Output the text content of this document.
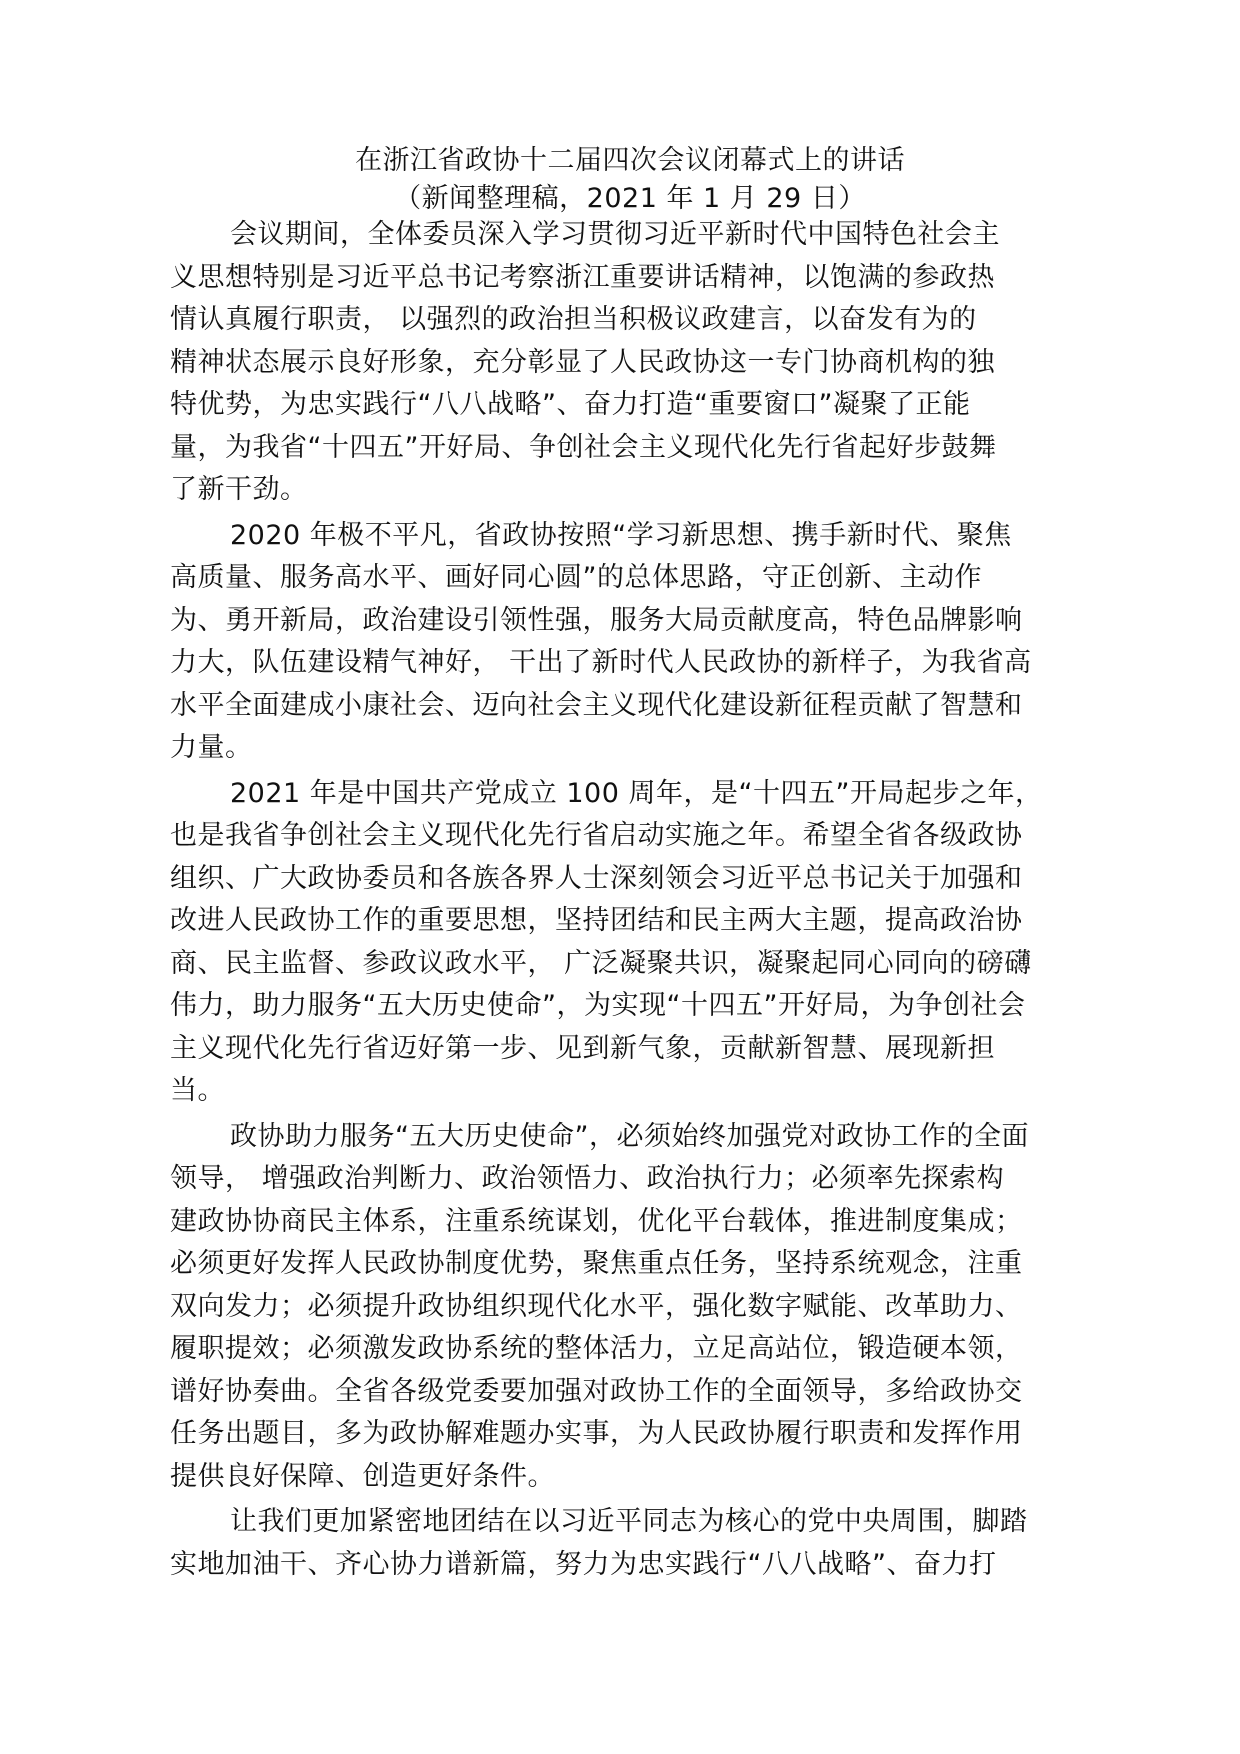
在浙江省政协十二届四次会议闭幕式上的讲话
（新闻整理稿，2021 年 1 月 29 日）
会议期间，全体委员深入学习贯彻习近平新时代中国特色社会主
义思想特别是习近平总书记考察浙江重要讲话精神，以饱满的参政热
情认真履行职责， 以强烈的政治担当积极议政建言，以奋发有为的
精神状态展示良好形象，充分彰显了人民政协这一专门协商机构的独
特优势，为忠实践行“八八战略”、奋力打造“重要窗口”凝聚了正能
量，为我省“十四五”开好局、争创社会主义现代化先行省起好步鼓舞
了新干劲。
2020 年极不平凡，省政协按照“学习新思想、携手新时代、聚焦
高质量、服务高水平、画好同心圆”的总体思路，守正创新、主动作
为、勇开新局，政治建设引领性强，服务大局贡献度高，特色品牌影响
力大，队伍建设精气神好， 干出了新时代人民政协的新样子，为我省高
水平全面建成小康社会、迈向社会主义现代化建设新征程贡献了智慧和
力量。
2021 年是中国共产党成立 100 周年，是“十四五”开局起步之年，
也是我省争创社会主义现代化先行省启动实施之年。希望全省各级政协
组织、广大政协委员和各族各界人士深刻领会习近平总书记关于加强和
改进人民政协工作的重要思想，坚持团结和民主两大主题，提高政治协
商、民主监督、参政议政水平， 广泛凝聚共识，凝聚起同心同向的磅礴
伟力，助力服务“五大历史使命”，为实现“十四五”开好局，为争创社会
主义现代化先行省迈好第一步、见到新气象，贡献新智慧、展现新担
当。
政协助力服务“五大历史使命”，必须始终加强党对政协工作的全面
领导， 增强政治判断力、政治领悟力、政治执行力；必须率先探索构
建政协协商民主体系，注重系统谋划，优化平台载体，推进制度集成；
必须更好发挥人民政协制度优势，聚焦重点任务，坚持系统观念，注重
双向发力；必须提升政协组织现代化水平，强化数字赋能、改革助力、
履职提效；必须激发政协系统的整体活力，立足高站位，锻造硬本领，
谱好协奏曲。全省各级党委要加强对政协工作的全面领导，多给政协交
任务出题目，多为政协解难题办实事，为人民政协履行职责和发挥作用
提供良好保障、创造更好条件。
让我们更加紧密地团结在以习近平同志为核心的党中央周围，脚踏
实地加油干、齐心协力谱新篇，努力为忠实践行“八八战略”、奋力打
